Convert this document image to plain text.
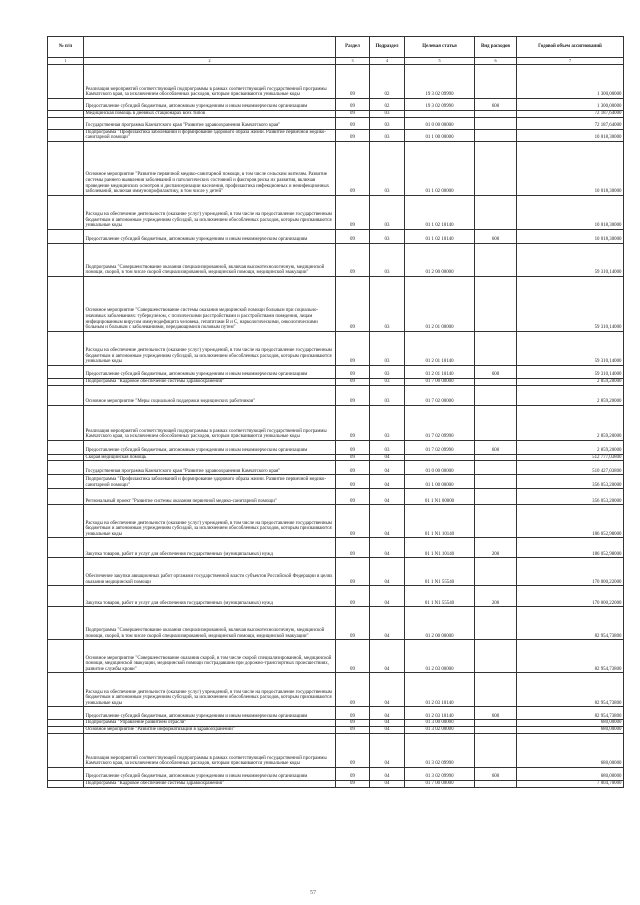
№ п/п		Раздел	Подраздел	Целевая статья	Вид расходов	Годовой объем ассигнований
1	2	3	4	5	6	7
	Реализация мероприятий соответствующей подпрограммы в рамках соответствующей государственной программы Камчатского края, за исключением обособленных расходов, которым присваиваются уникальные коды	09	02	19 3 02 09990		1 300,00000
	Предоставление субсидий бюджетным, автономным учреждениям и иным некоммерческим организациям	09	02	19 3 02 09990	600	1 300,00000
	Медицинская помощь в дневных стационарах всех типов	09	03			72 187,64000
	Государственная программа Камчатского края "Развитие здравоохранения Камчатского края"	09	03	01 0 00 00000		72 187,64000
	Подпрограмма "Профилактика заболеваний и формирование здорового образа жизни. Развитие первичной медико-санитарной помощи"	09	03	01 1 00 00000		10 018,30000
	Основное мероприятие "Развитие первичной медико-санитарной помощи, в том числе сельским жителям. Развитие системы раннего выявления заболеваний и патологических состояний и факторов риска их развития, включая проведение медицинских осмотров и диспансеризации населения, профилактика инфекционных и неинфекционных заболеваний, включая иммунопрофилактику, в том числе у детей"	09	03	01 1 02 00000		10 018,30000
	Расходы на обеспечение деятельности (оказание услуг) учреждений, в том числе на предоставление государственным бюджетным и автономным учреждениям субсидий, за исключением обособленных расходов, которым присваиваются уникальные коды	09	03	01 1 02 10140		10 018,30000
	Предоставление субсидий бюджетным, автономным учреждениям и иным некоммерческим организациям	09	03	01 1 02 10140	600	10 018,30000
	Подпрограмма "Совершенствование оказания специализированной, включая высокотехнологичную, медицинской помощи, скорой, в том числе скорой специализированной, медицинской помощи, медицинской эвакуации"	09	03	01 2 00 00000		59 310,14000
	Основное мероприятие "Совершенствование системы оказания медицинской помощи больным при социально-значимых заболеваниях: туберкулезом, с психическими расстройствами и расстройствами поведения, лицам инфицированным вирусом иммунодефицита человека, гепатитами B и C, наркологическими, онкологическими больным и больным с заболеваниями, передающимися половым путем"	09	03	01 2 01 00000		59 310,14000
	Расходы на обеспечение деятельности (оказание услуг) учреждений, в том числе на предоставление государственным бюджетным и автономным учреждениям субсидий, за исключением обособленных расходов, которым присваиваются уникальные коды	09	03	01 2 01 10140		59 310,14000
	Предоставление субсидий бюджетным, автономным учреждениям и иным некоммерческим организациям	09	03	01 2 01 10140	600	59 310,14000
	Подпрограмма "Кадровое обеспечение системы здравоохранения"	09	03	01 7 00 00000		2 859,20000
	Основное мероприятие "Меры социальной поддержки медицинских работников"	09	03	01 7 02 00000		2 859,20000
	Реализация мероприятий соответствующей подпрограммы в рамках соответствующей государственной программы Камчатского края, за исключением обособленных расходов, которым присваиваются уникальные коды	09	03	01 7 02 09990		2 859,20000
	Предоставление субсидий бюджетным, автономным учреждениям и иным некоммерческим организациям	09	03	01 7 02 09990	600	2 859,20000
	Скорая медицинская помощь	09	04			512 777,03800
	Государственная программа Камчатского края "Развитие здравоохранения Камчатского края"	09	04	01 0 00 00000		510 427,03800
	Подпрограмма "Профилактика заболеваний и формирование здорового образа жизни. Развитие первичной медико-санитарной помощи"	09	04	01 1 00 00000		356 053,20000
	Региональный проект "Развитие системы оказания первичной медико-санитарной помощи"	09	04	01 1 N1 00000		356 053,20000
	Расходы на обеспечение деятельности (оказание услуг) учреждений, в том числе на предоставление государственным бюджетным и автономным учреждениям субсидий, за исключением обособленных расходов, которым присваиваются уникальные коды	09	04	01 1 N1 10140		186 052,98000
	Закупка товаров, работ и услуг для обеспечения государственных (муниципальных) нужд	09	04	01 1 N1 10140	200	186 052,98000
	Обеспечение закупки авиационных работ органами государственной власти субъектов Российской Федерации в целях оказания медицинской помощи	09	04	01 1 N1 55540		170 000,22000
	Закупка товаров, работ и услуг для обеспечения государственных (муниципальных) нужд	09	04	01 1 N1 55540	200	170 000,22000
	Подпрограмма "Совершенствование оказания специализированной, включая высокотехнологичную, медицинской помощи, скорой, в том числе скорой специализированной, медицинской помощи, медицинской эвакуации"	09	04	01 2 00 00000		82 954,73800
	Основное мероприятие "Совершенствование оказания скорой, в том числе скорой специализированной, медицинской помощи, медицинской эвакуации, медицинской помощи пострадавшим при дорожно-транспортных происшествиях, развитие службы крови"	09	04	01 2 03 00000		82 954,73800
	Расходы на обеспечение деятельности (оказание услуг) учреждений, в том числе на предоставление государственным бюджетным и автономным учреждениям субсидий, за исключением обособленных расходов, которым присваиваются уникальные коды	09	04	01 2 03 10140		82 954,73800
	Предоставление субсидий бюджетным, автономным учреждениям и иным некоммерческим организациям	09	04	01 2 03 10140	600	82 954,73800
	Подпрограмма "Управление развитием отрасли"	09	04	01 3 00 00000		680,00000
	Основное мероприятие "Развитие информатизации в здравоохранении"	09	04	01 3 02 00000		680,00000
	Реализация мероприятий соответствующей подпрограммы в рамках соответствующей государственной программы Камчатского края, за исключением обособленных расходов, которым присваиваются уникальные коды	09	04	01 3 02 09990		680,00000
	Предоставление субсидий бюджетным, автономным учреждениям и иным некоммерческим организациям	09	04	01 3 02 09990	600	680,00000
	Подпрограмма "Кадровое обеспечение системы здравоохранения"	09	04	01 7 00 00000		7 004,70000
57
